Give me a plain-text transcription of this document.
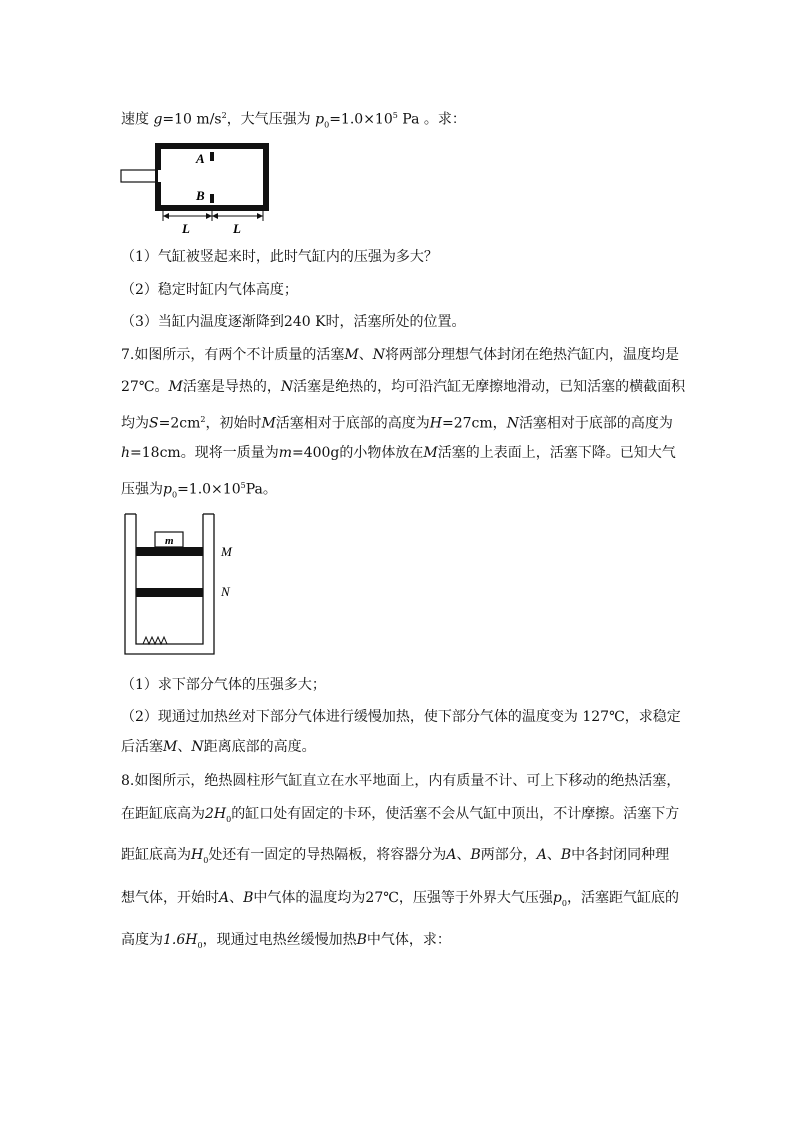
速度 g=10 $m/s^2$，大气压强为 $p_0=1.0\times 10^5$ Pa 。求：
A
B
L	L
（1）气缸被竖起来时，此时气缸内的压强为多大？
（2）稳定时缸内气体高度；
（3）当缸内温度逐渐降到240 K时，活塞所处的位置。
7.如图所示，有两个不计质量的活塞M、N将两部分理想气体封闭在绝热汽缸内，温度均是
27℃。M活塞是导热的，N活塞是绝热的，均可沿汽缸无摩擦地滑动，已知活塞的横截面积
均为$S=2cm^2$，初始时M活塞相对于底部的高度为H=27cm，N活塞相对于底部的高度为
h=18cm。现将一质量为m=400g的小物体放在M活塞的上表面上，活塞下降。已知大气
压强为$p_0=1.0\times 10^5Pa$。
m
M
N
（1）求下部分气体的压强多大；
（2）现通过加热丝对下部分气体进行缓慢加热，使下部分气体的温度变为 127℃，求稳定
后活塞M、N距离底部的高度。
8.如图所示，绝热圆柱形气缸直立在水平地面上，内有质量不计、可上下移动的绝热活塞，
在距缸底高为$2H_0$的缸口处有固定的卡环，使活塞不会从气缸中顶出，不计摩擦。活塞下方
距缸底高为$H_0$处还有一固定的导热隔板，将容器分为A、B两部分，A、B中各封闭同种理
想气体，开始时A、B中气体的温度均为27℃，压强等于外界大气压强$p_0$，活塞距气缸底的
高度为$1.6H_0$，现通过电热丝缓慢加热B中气体，求：
